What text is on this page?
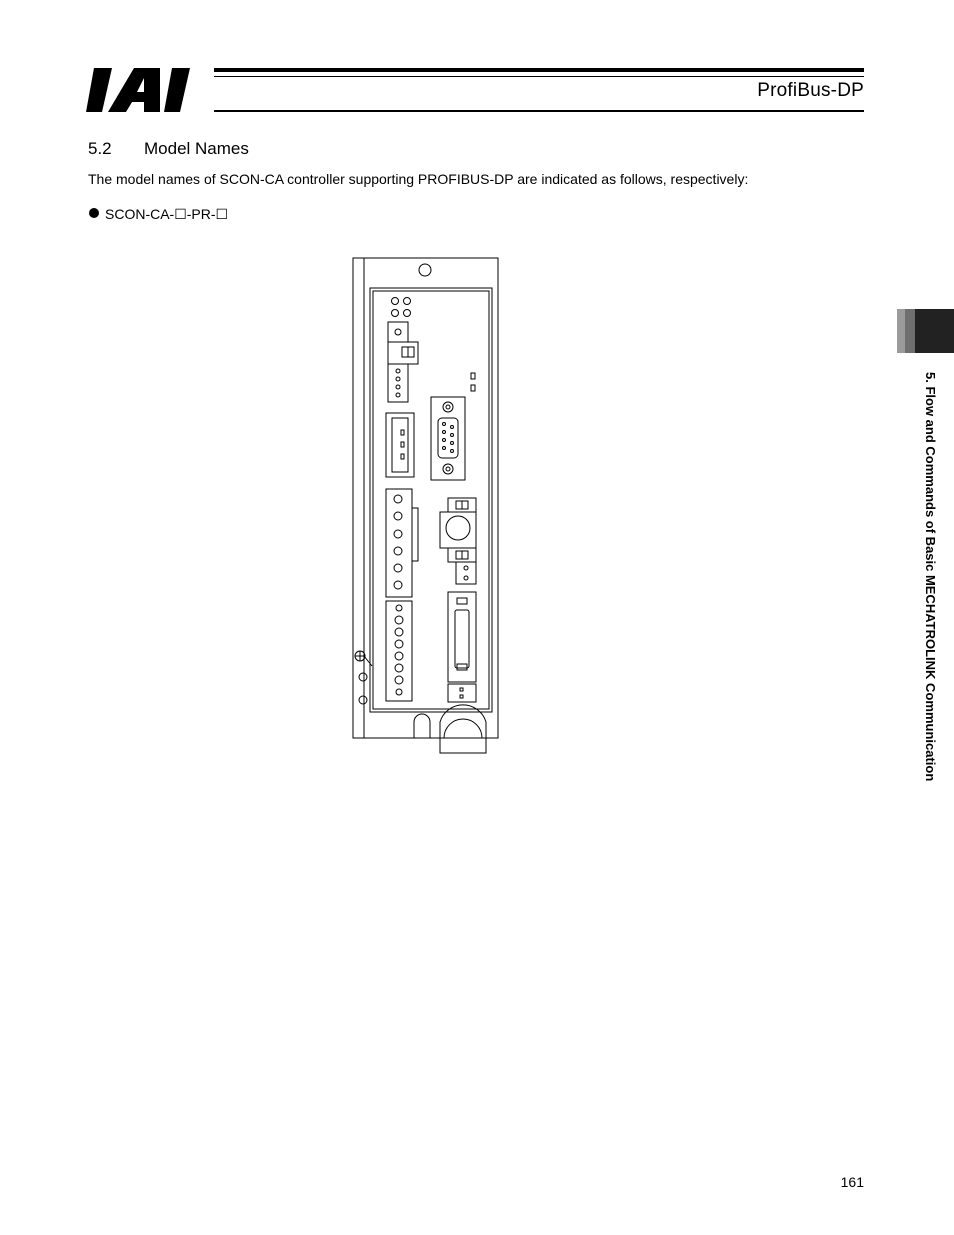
ProfiBus-DP
5.2 Model Names
The model names of SCON-CA controller supporting PROFIBUS-DP are indicated as follows, respectively:
SCON-CA-☐-PR-☐
5. Flow and Commands of Basic MECHATROLINK Communication
161
